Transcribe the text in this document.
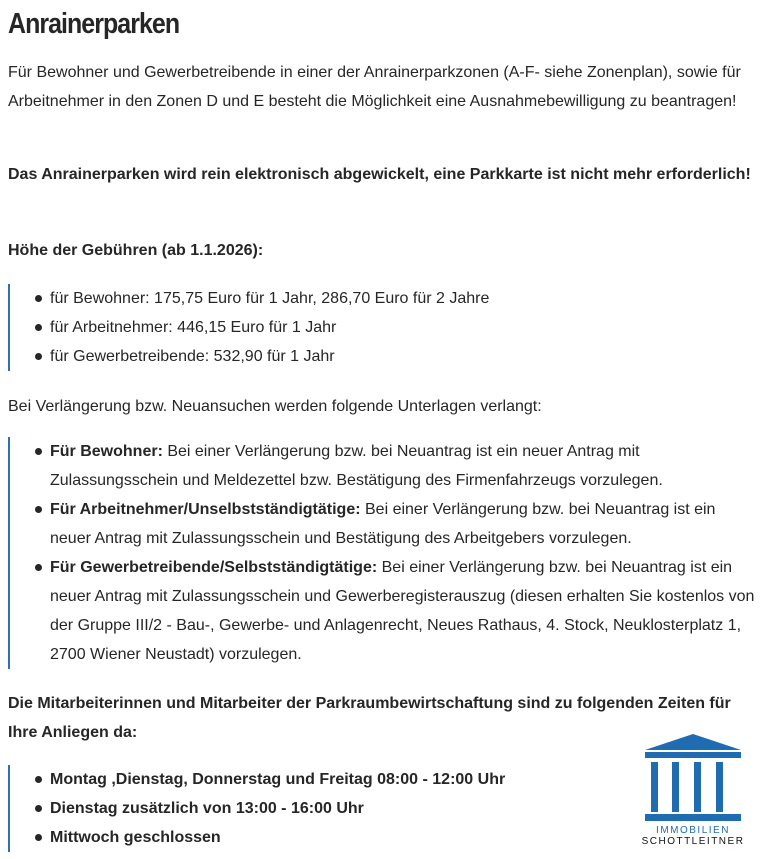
Anrainerparken

Für Bewohner und Gewerbetreibende in einer der Anrainerparkzonen (A-F- siehe Zonenplan), sowie für Arbeitnehmer in den Zonen D und E besteht die Möglichkeit eine Ausnahmebewilligung zu beantragen!

Das Anrainerparken wird rein elektronisch abgewickelt, eine Parkkarte ist nicht mehr erforderlich!

Höhe der Gebühren (ab 1.1.2026):

für Bewohner: 175,75 Euro für 1 Jahr, 286,70 Euro für 2 Jahre
für Arbeitnehmer: 446,15 Euro für 1 Jahr
für Gewerbetreibende: 532,90 für 1 Jahr

Bei Verlängerung bzw. Neuansuchen werden folgende Unterlagen verlangt:

Für Bewohner: Bei einer Verlängerung bzw. bei Neuantrag ist ein neuer Antrag mit Zulassungsschein und Meldezettel bzw. Bestätigung des Firmenfahrzeugs vorzulegen.
Für Arbeitnehmer/Unselbstständigtätige: Bei einer Verlängerung bzw. bei Neuantrag ist ein neuer Antrag mit Zulassungsschein und Bestätigung des Arbeitgebers vorzulegen.
Für Gewerbetreibende/Selbstständigtätige: Bei einer Verlängerung bzw. bei Neuantrag ist ein neuer Antrag mit Zulassungsschein und Gewerberegisterauszug (diesen erhalten Sie kostenlos von der Gruppe III/2 - Bau-, Gewerbe- und Anlagenrecht, Neues Rathaus, 4. Stock, Neuklosterplatz 1, 2700 Wiener Neustadt) vorzulegen.

Die Mitarbeiterinnen und Mitarbeiter der Parkraumbewirtschaftung sind zu folgenden Zeiten für Ihre Anliegen da:

Montag ,Dienstag, Donnerstag und Freitag 08:00 - 12:00 Uhr
Dienstag zusätzlich von 13:00 - 16:00 Uhr
Mittwoch geschlossen	IMMOBILIEN
SCHOTTLEITNER
